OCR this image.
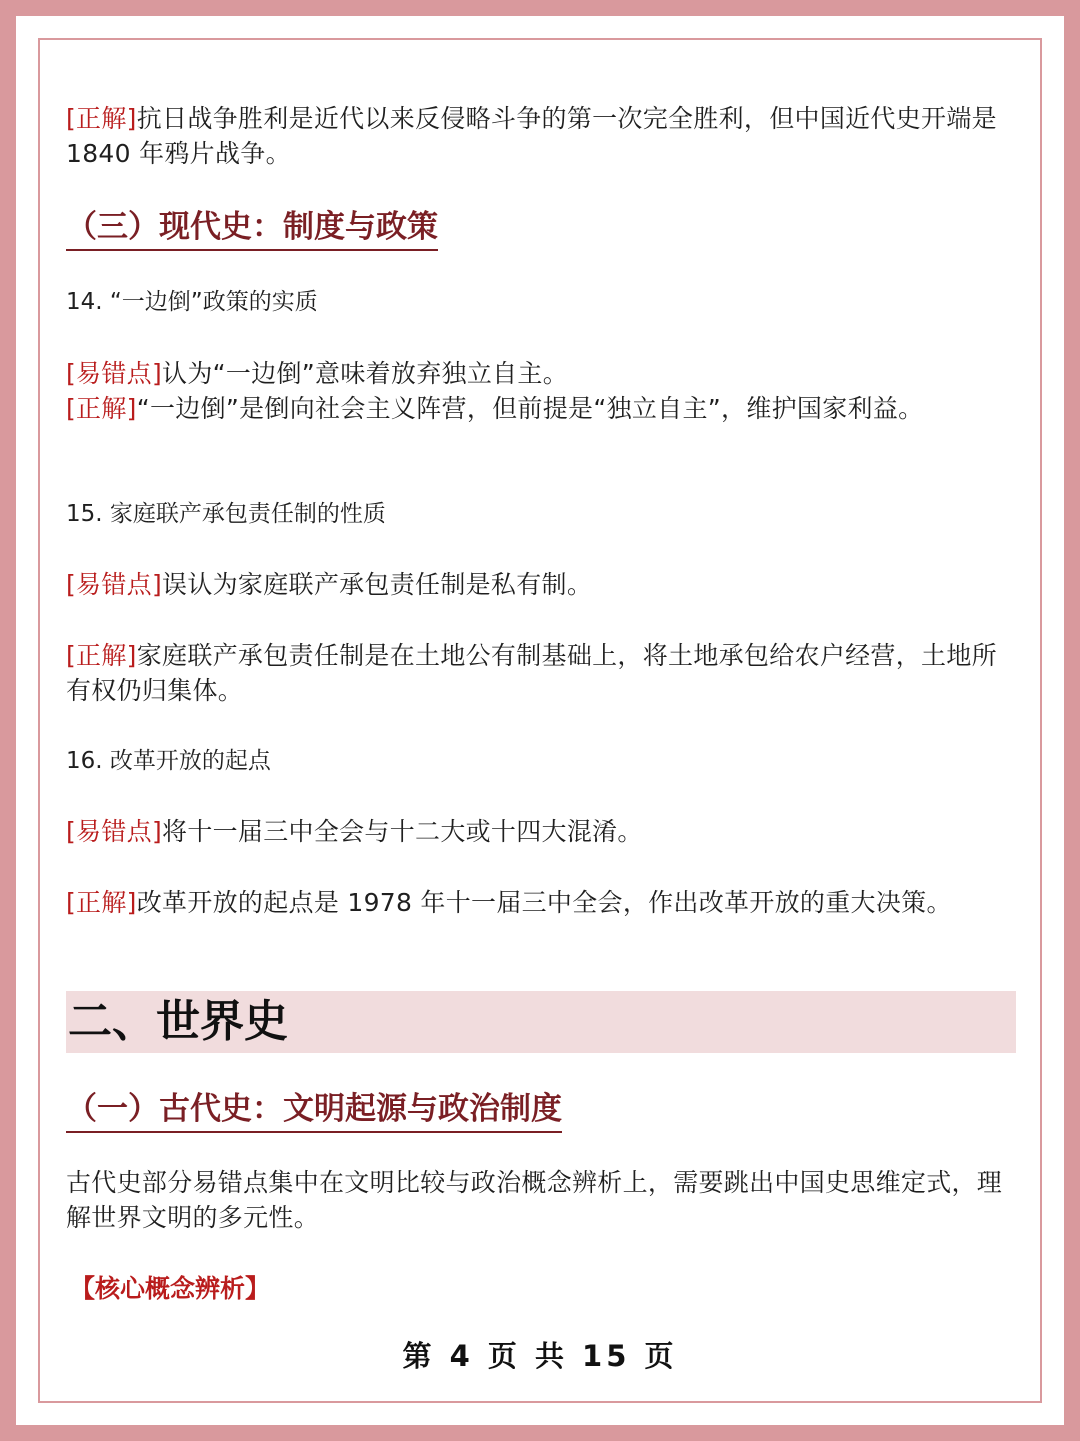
[正解]抗日战争胜利是近代以来反侵略斗争的第一次完全胜利，但中国近代史开端是 1840 年鸦片战争。

（三）现代史：制度与政策

14. “一边倒”政策的实质

[易错点]认为“一边倒”意味着放弃独立自主。

[正解]“一边倒”是倒向社会主义阵营，但前提是“独立自主”，维护国家利益。

15. 家庭联产承包责任制的性质

[易错点]误认为家庭联产承包责任制是私有制。

[正解]家庭联产承包责任制是在土地公有制基础上，将土地承包给农户经营，土地所有权仍归集体。

16. 改革开放的起点

[易错点]将十一届三中全会与十二大或十四大混淆。

[正解]改革开放的起点是 1978 年十一届三中全会，作出改革开放的重大决策。

二、世界史
（一）古代史：文明起源与政治制度

古代史部分易错点集中在文明比较与政治概念辨析上，需要跳出中国史思维定式，理解世界文明的多元性。

【核心概念辨析】

第 4 页 共 15 页
